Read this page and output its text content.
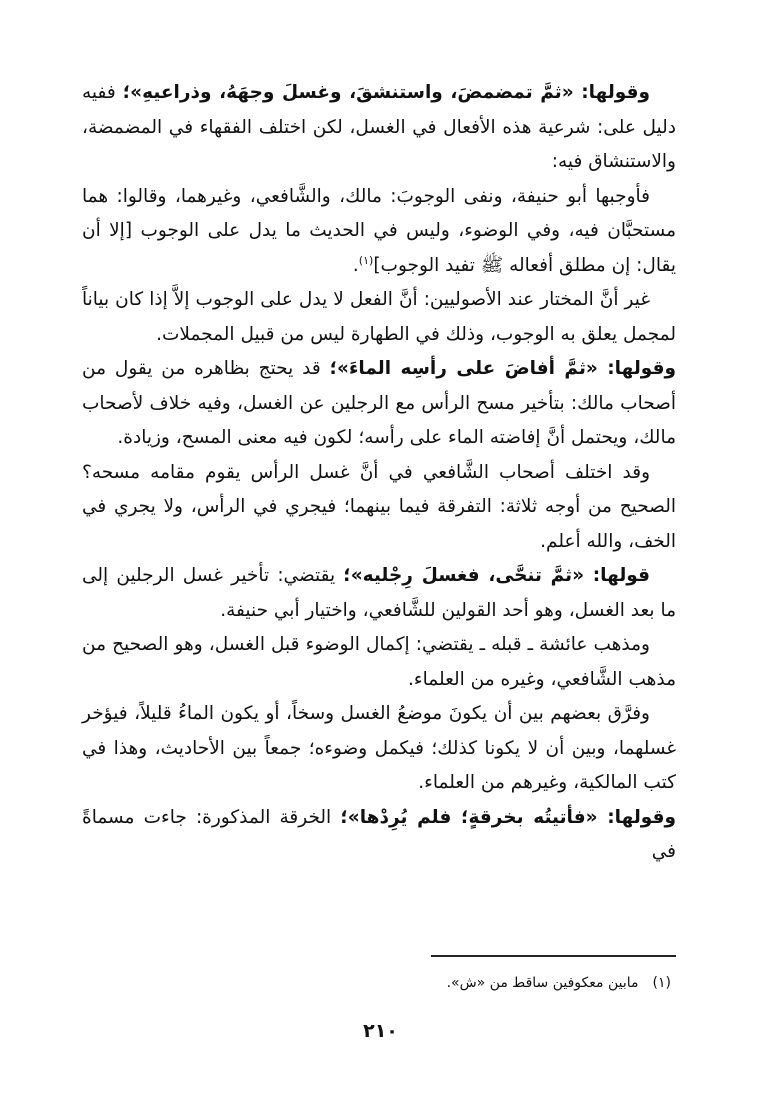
وقولها: «ثمَّ تمضمضَ، واستنشقَ، وغسلَ وجهَهُ، وذراعيهِ»؛ ففيه دليل على: شرعية هذه الأفعال في الغسل، لكن اختلف الفقهاء في المضمضة، والاستنشاق فيه:

فأوجبها أبو حنيفة، ونفى الوجوبَ: مالك، والشَّافعي، وغيرهما، وقالوا: هما مستحبَّان فيه، وفي الوضوء، وليس في الحديث ما يدل على الوجوب [إلا أن يقال: إن مطلق أفعاله ﷺ تفيد الوجوب]$^{(١)}$.

غير أنَّ المختار عند الأصوليين: أنَّ الفعل لا يدل على الوجوب إلاَّ إذا كان بياناً لمجمل يعلق به الوجوب، وذلك في الطهارة ليس من قبيل المجملات.

وقولها: «ثمَّ أفاضَ على رأسِه الماءَ»؛ قد يحتج بظاهره من يقول من أصحاب مالك: بتأخير مسح الرأس مع الرجلين عن الغسل، وفيه خلاف لأصحاب مالك، ويحتمل أنَّ إفاضته الماء على رأسه؛ لكون فيه معنى المسح، وزيادة.

وقد اختلف أصحاب الشَّافعي في أنَّ غسل الرأس يقوم مقامه مسحه؟ الصحيح من أوجه ثلاثة: التفرقة فيما بينهما؛ فيجري في الرأس، ولا يجري في الخف، والله أعلم.

قولها: «ثمَّ تنحَّى، فغسلَ رِجْليه»؛ يقتضي: تأخير غسل الرجلين إلى ما بعد الغسل، وهو أحد القولين للشَّافعي، واختيار أبي حنيفة.

ومذهب عائشة ـ قبله ـ يقتضي: إكمال الوضوء قبل الغسل، وهو الصحيح من مذهب الشَّافعي، وغيره من العلماء.

وفرَّق بعضهم بين أن يكونَ موضعُ الغسل وسخاً، أو يكون الماءُ قليلاً، فيؤخر غسلهما، وبين أن لا يكونا كذلك؛ فيكمل وضوءه؛ جمعاً بين الأحاديث، وهذا في كتب المالكية، وغيرهم من العلماء.

وقولها: «فأتيتُه بخرقةٍ؛ فلم يُرِدْها»؛ الخرقة المذكورة: جاءت مسماةً في

(١)مابين معكوفين ساقط من «ش».
٢١٠
